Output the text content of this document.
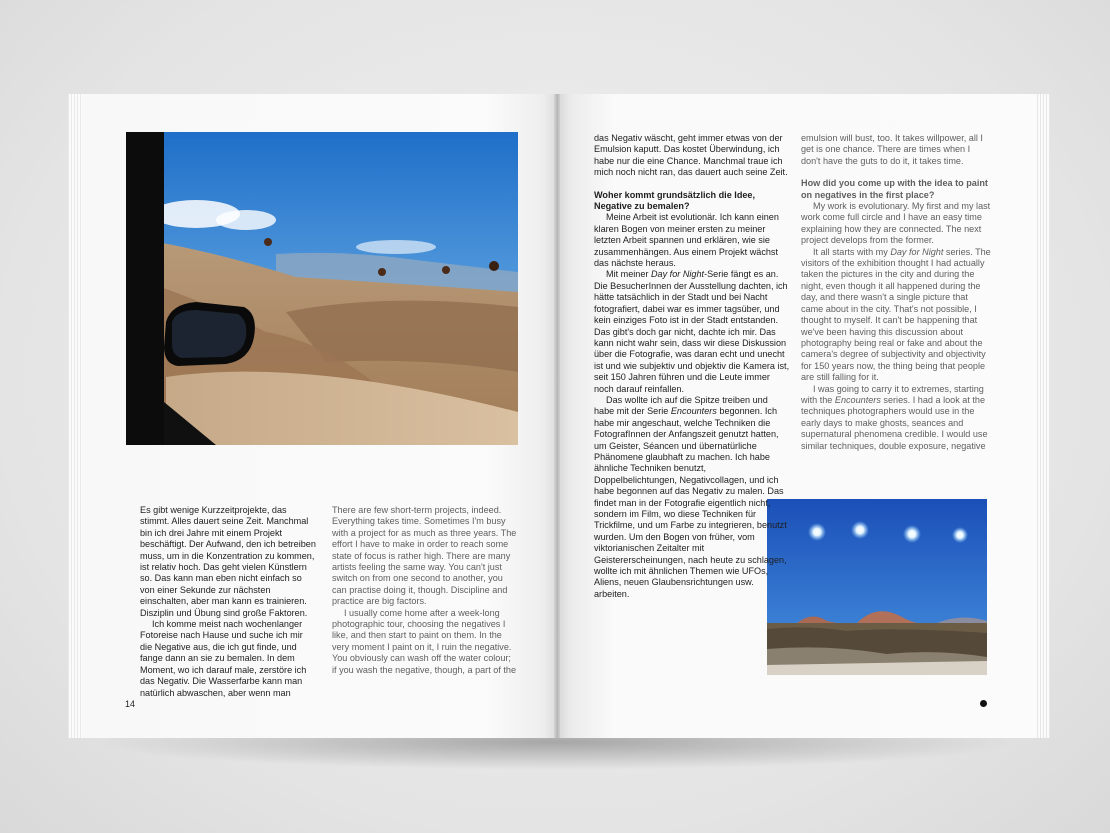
Es gibt wenige Kurzzeitprojekte, das stimmt. Alles dauert seine Zeit. Manchmal bin ich drei Jahre mit einem Projekt beschäftigt. Der Aufwand, den ich betreiben muss, um in die Konzentration zu kommen, ist relativ hoch. Das geht vielen Künstlern so. Das kann man eben nicht einfach so von einer Sekunde zur nächsten einschalten, aber man kann es trainieren. Disziplin und Übung sind große Faktoren.

Ich komme meist nach wochenlanger Fotoreise nach Hause und suche ich mir die Negative aus, die ich gut finde, und fange dann an sie zu bemalen. In dem Moment, wo ich darauf male, zerstöre ich das Negativ. Die Wasserfarbe kann man natürlich abwaschen, aber wenn man

There are few short-term projects, indeed. Everything takes time. Sometimes I'm busy with a project for as much as three years. The effort I have to make in order to reach some state of focus is rather high. There are many artists feeling the same way. You can't just switch on from one second to another, you can practise doing it, though. Discipline and practice are big factors.

I usually come home after a week-long photographic tour, choosing the negatives I like, and then start to paint on them. In the very moment I paint on it, I ruin the negative. You obviously can wash off the water colour; if you wash the negative, though, a part of the

das Negativ wäscht, geht immer etwas von der Emulsion kaputt. Das kostet Überwindung, ich habe nur die eine Chance. Manchmal traue ich mich noch nicht ran, das dauert auch seine Zeit.

Woher kommt grundsätzlich die Idee, Negative zu bemalen?

Meine Arbeit ist evolutionär. Ich kann einen klaren Bogen von meiner ersten zu meiner letzten Arbeit spannen und erklären, wie sie zusammenhängen. Aus einem Projekt wächst das nächste heraus.

Mit meiner Day for Night-Serie fängt es an. Die BesucherInnen der Ausstellung dachten, ich hätte tatsächlich in der Stadt und bei Nacht fotografiert, dabei war es immer tagsüber, und kein einziges Foto ist in der Stadt entstanden. Das gibt's doch gar nicht, dachte ich mir. Das kann nicht wahr sein, dass wir diese Diskussion über die Fotografie, was daran echt und unecht ist und wie subjektiv und objektiv die Kamera ist, seit 150 Jahren führen und die Leute immer noch darauf reinfallen.

Das wollte ich auf die Spitze treiben und habe mit der Serie Encounters begonnen. Ich habe mir angeschaut, welche Techniken die FotografInnen der Anfangszeit genutzt hatten, um Geister, Séancen und übernatürliche Phänomene glaubhaft zu machen. Ich habe ähnliche Techniken benutzt, Doppelbelichtungen, Negativcollagen, und ich habe begonnen auf das Negativ zu malen. Das findet man in der Fotografie eigentlich nicht, sondern im Film, wo diese Techniken für Trickfilme, und um Farbe zu integrieren, benutzt wurden. Um den Bogen von früher, vom viktorianischen Zeitalter mit Geistererscheinungen, nach heute zu schlagen, wollte ich mit ähnlichen Themen wie UFOs, Aliens, neuen Glaubensrichtungen usw. arbeiten.

emulsion will bust, too. It takes willpower, all I get is one chance. There are times when I don't have the guts to do it, it takes time.

How did you come up with the idea to paint on negatives in the first place?

My work is evolutionary. My first and my last work come full circle and I have an easy time explaining how they are connected. The next project develops from the former.

It all starts with my Day for Night series. The visitors of the exhibition thought I had actually taken the pictures in the city and during the night, even though it all happened during the day, and there wasn't a single picture that came about in the city. That's not possible, I thought to myself. It can't be happening that we've been having this discussion about photography being real or fake and about the camera's degree of subjectivity and objectivity for 150 years now, the thing being that people are still falling for it.

I was going to carry it to extremes, starting with the Encounters series. I had a look at the techniques photographers would use in the early days to make ghosts, seances and supernatural phenomena credible. I would use similar techniques, double exposure, negative

14
